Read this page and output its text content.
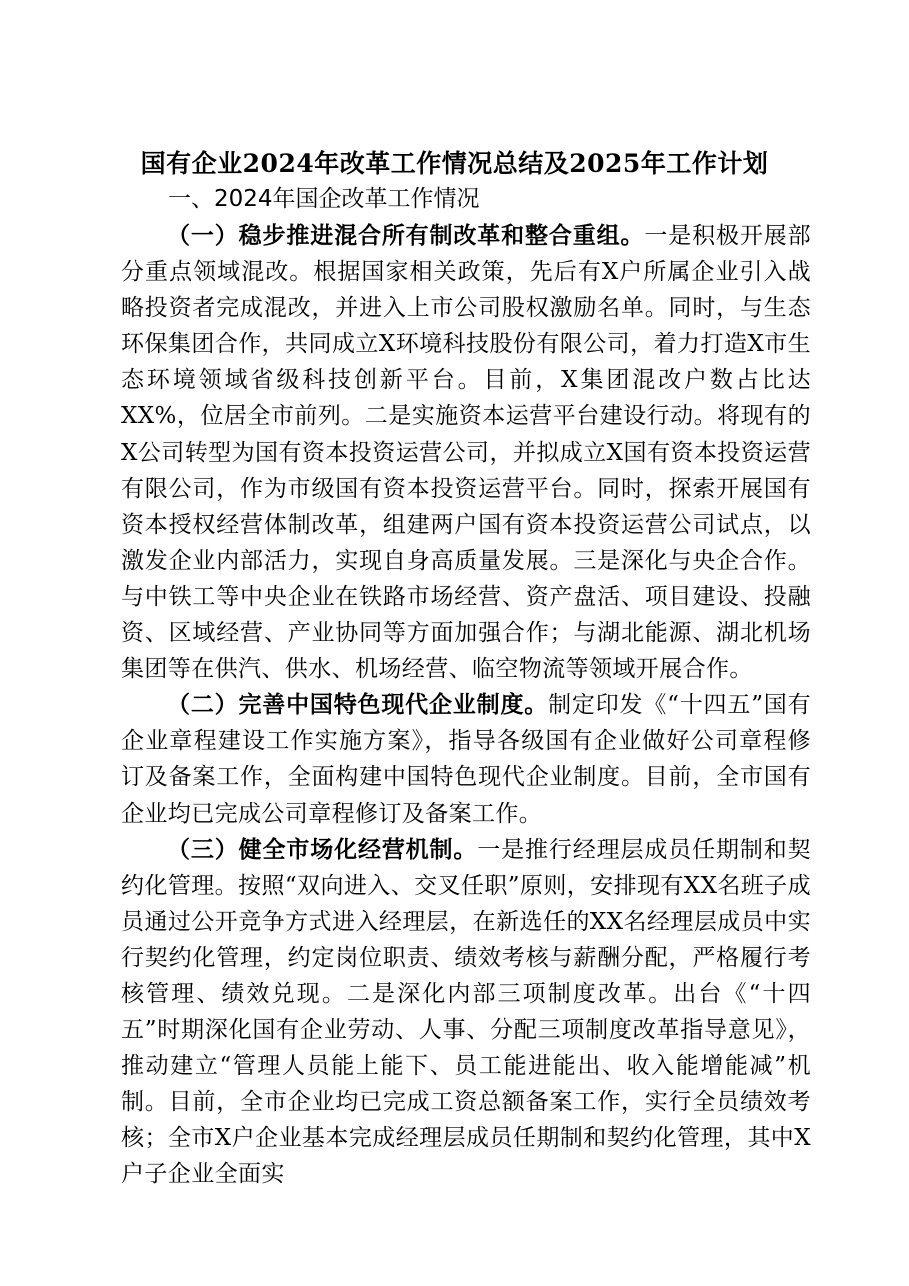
国有企业2024年改革工作情况总结及2025年工作计划
一、2024年国企改革工作情况

（一）稳步推进混合所有制改革和整合重组。一是积极开展部分重点领域混改。根据国家相关政策，先后有X户所属企业引入战略投资者完成混改，并进入上市公司股权激励名单。同时，与生态环保集团合作，共同成立X环境科技股份有限公司，着力打造X市生态环境领域省级科技创新平台。目前，X集团混改户数占比达XX%，位居全市前列。二是实施资本运营平台建设行动。将现有的X公司转型为国有资本投资运营公司，并拟成立X国有资本投资运营有限公司，作为市级国有资本投资运营平台。同时，探索开展国有资本授权经营体制改革，组建两户国有资本投资运营公司试点，以激发企业内部活力，实现自身高质量发展。三是深化与央企合作。与中铁工等中央企业在铁路市场经营、资产盘活、项目建设、投融资、区域经营、产业协同等方面加强合作；与湖北能源、湖北机场集团等在供汽、供水、机场经营、临空物流等领域开展合作。

（二）完善中国特色现代企业制度。制定印发《“十四五”国有企业章程建设工作实施方案》，指导各级国有企业做好公司章程修订及备案工作，全面构建中国特色现代企业制度。目前，全市国有企业均已完成公司章程修订及备案工作。

（三）健全市场化经营机制。一是推行经理层成员任期制和契约化管理。按照“双向进入、交叉任职”原则，安排现有XX名班子成员通过公开竞争方式进入经理层，在新选任的XX名经理层成员中实行契约化管理，约定岗位职责、绩效考核与薪酬分配，严格履行考核管理、绩效兑现。二是深化内部三项制度改革。出台《“十四五”时期深化国有企业劳动、人事、分配三项制度改革指导意见》，推动建立“管理人员能上能下、员工能进能出、收入能增能减”机制。目前，全市企业均已完成工资总额备案工作，实行全员绩效考核；全市X户企业基本完成经理层成员任期制和契约化管理，其中X户子企业全面实
